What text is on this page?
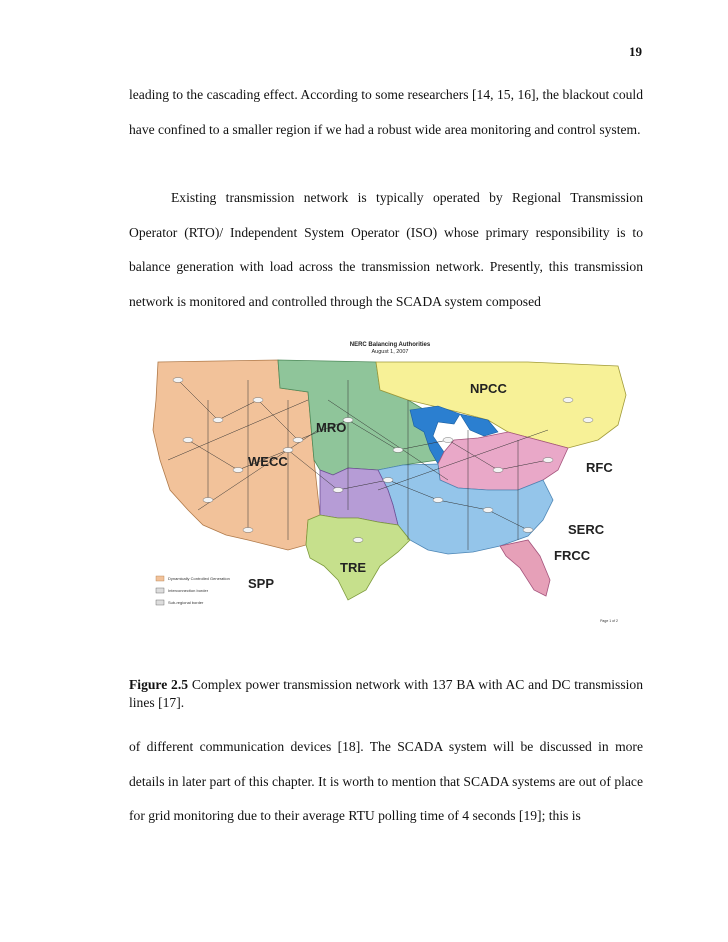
19

leading to the cascading effect. According to some researchers [14, 15, 16], the blackout could have confined to a smaller region if we had a robust wide area monitoring and control system.

Existing transmission network is typically operated by Regional Transmission Operator (RTO)/ Independent System Operator (ISO) whose primary responsibility is to balance generation with load across the transmission network. Presently, this transmission network is monitored and controlled through the SCADA system composed

NERC Balancing Authorities
August 1, 2007
WECC
MRO
NPCC
RFC
SERC
FRCC
SPP
TRE
Dynamically Controlled Generation
Interconnection border
Sub-regional border
Page 1 of 2

Figure 2.5 Complex power transmission network with 137 BA with AC and DC transmission lines [17].

of different communication devices [18]. The SCADA system will be discussed in more details in later part of this chapter. It is worth to mention that SCADA systems are out of place for grid monitoring due to their average RTU polling time of 4 seconds [19]; this is
